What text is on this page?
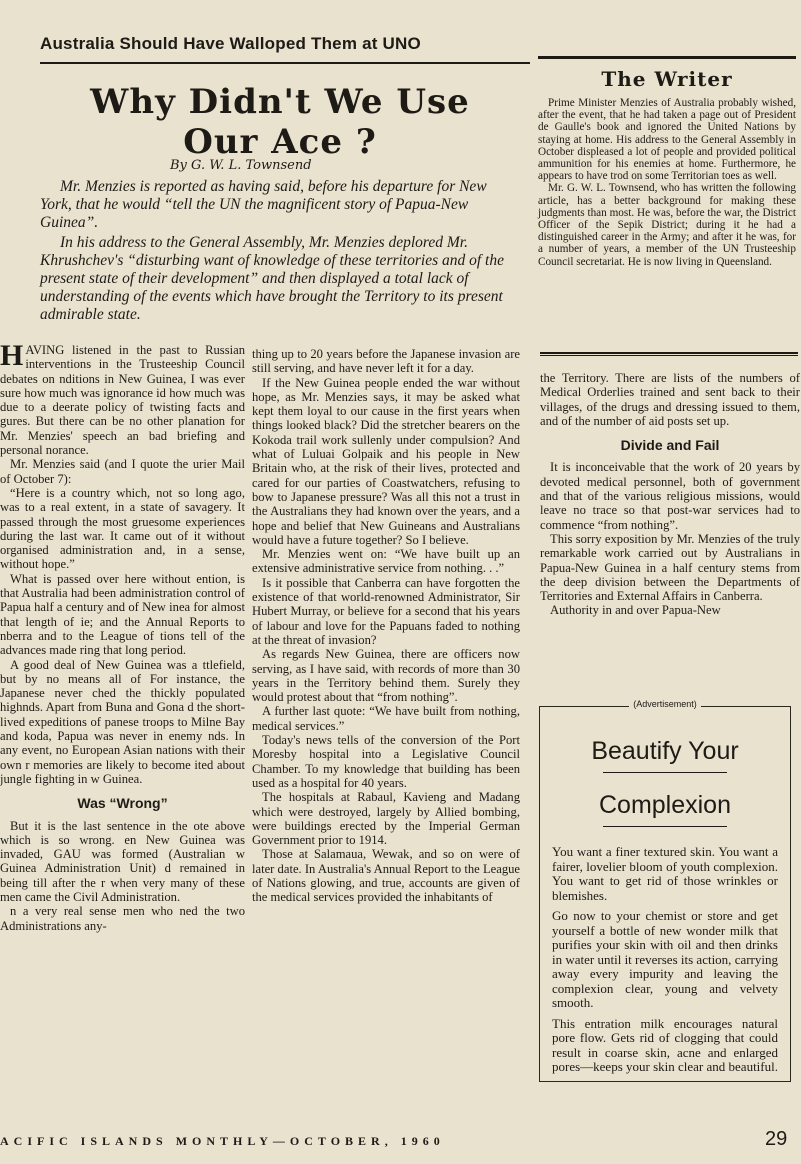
Australia Should Have Walloped Them at UNO
Why Didn't We Use Our Ace ?
By G. W. L. Townsend

Mr. Menzies is reported as having said, before his departure for New York, that he would “tell the UN the magnificent story of Papua-New Guinea”.

In his address to the General Assembly, Mr. Menzies deplored Mr. Khrushchev's “disturbing want of knowledge of these territories and of the present state of their development” and then displayed a total lack of understanding of the events which have brought the Territory to its present admirable state.

The Writer

Prime Minister Menzies of Australia probably wished, after the event, that he had taken a page out of President de Gaulle's book and ignored the United Nations by staying at home. His address to the General Assembly in October displeased a lot of people and provided political ammunition for his enemies at home. Furthermore, he appears to have trod on some Territorian toes as well.

Mr. G. W. L. Townsend, who has written the following article, has a better background for making these judgments than most. He was, before the war, the District Officer of the Sepik District; during it he had a distinguished career in the Army; and after it he was, for a number of years, a member of the UN Trusteeship Council secretariat. He is now living in Queensland.

HAVING listened in the past to Russian interventions in the Trusteeship Council debates on nditions in New Guinea, I was ever sure how much was ignorance id how much was due to a deerate policy of twisting facts and gures. But there can be no other planation for Mr. Menzies' speech an bad briefing and personal norance.

Mr. Menzies said (and I quote the urier Mail of October 7):

“Here is a country which, not so long ago, was to a real extent, in a state of savagery. It passed through the most gruesome experiences during the last war. It came out of it without organised administration and, in a sense, without hope.”

What is passed over here without ention, is that Australia had been administration control of Papua half a century and of New inea for almost that length of ie; and the Annual Reports to nberra and to the League of tions tell of the advances made ring that long period.

A good deal of New Guinea was a ttlefield, but by no means all of For instance, the Japanese never ched the thickly populated highnds. Apart from Buna and Gona d the short-lived expeditions of panese troops to Milne Bay and koda, Papua was never in enemy nds. In any event, no European Asian nations with their own r memories are likely to become ited about jungle fighting in w Guinea.

Was “Wrong”

But it is the last sentence in the ote above which is so wrong. en New Guinea was invaded, GAU was formed (Australian w Guinea Administration Unit) d remained in being till after the r when very many of these men came the Civil Administration.

n a very real sense men who ned the two Administrations any-

thing up to 20 years before the Japanese invasion are still serving, and have never left it for a day.

If the New Guinea people ended the war without hope, as Mr. Menzies says, it may be asked what kept them loyal to our cause in the first years when things looked black? Did the stretcher bearers on the Kokoda trail work sullenly under compulsion? And what of Luluai Golpaik and his people in New Britain who, at the risk of their lives, protected and cared for our parties of Coastwatchers, refusing to bow to Japanese pressure? Was all this not a trust in the Australians they had known over the years, and a hope and belief that New Guineans and Australians would have a future together? So I believe.

Mr. Menzies went on: “We have built up an extensive administrative service from nothing. . .”

Is it possible that Canberra can have forgotten the existence of that world-renowned Administrator, Sir Hubert Murray, or believe for a second that his years of labour and love for the Papuans faded to nothing at the threat of invasion?

As regards New Guinea, there are officers now serving, as I have said, with records of more than 30 years in the Territory behind them. Surely they would protest about that “from nothing”.

A further last quote: “We have built from nothing, medical services.”

Today's news tells of the conversion of the Port Moresby hospital into a Legislative Council Chamber. To my knowledge that building has been used as a hospital for 40 years.

The hospitals at Rabaul, Kavieng and Madang which were destroyed, largely by Allied bombing, were buildings erected by the Imperial German Government prior to 1914.

Those at Salamaua, Wewak, and so on were of later date. In Australia's Annual Report to the League of Nations glowing, and true, accounts are given of the medical services provided the inhabitants of

the Territory. There are lists of the numbers of Medical Orderlies trained and sent back to their villages, of the drugs and dressing issued to them, and of the number of aid posts set up.

Divide and Fail

It is inconceivable that the work of 20 years by devoted medical personnel, both of government and that of the various religious missions, would leave no trace so that post-war services had to commence “from nothing”.

This sorry exposition by Mr. Menzies of the truly remarkable work carried out by Australians in Papua-New Guinea in a half century stems from the deep division between the Departments of Territories and External Affairs in Canberra.

Authority in and over Papua-New

(Advertisement)
Beautify Your
Complexion

You want a finer textured skin. You want a fairer, lovelier bloom of youth complexion. You want to get rid of those wrinkles or blemishes.

Go now to your chemist or store and get yourself a bottle of new wonder milk that purifies your skin with oil and then drinks in water until it reverses its action, carrying away every impurity and leaving the complexion clear, young and velvety smooth.

This entration milk encourages natural pore flow. Gets rid of clogging that could result in coarse skin, acne and enlarged pores—keeps your skin clear and beautiful.

ACIFIC ISLANDS MONTHLY—OCTOBER, 1960	29
